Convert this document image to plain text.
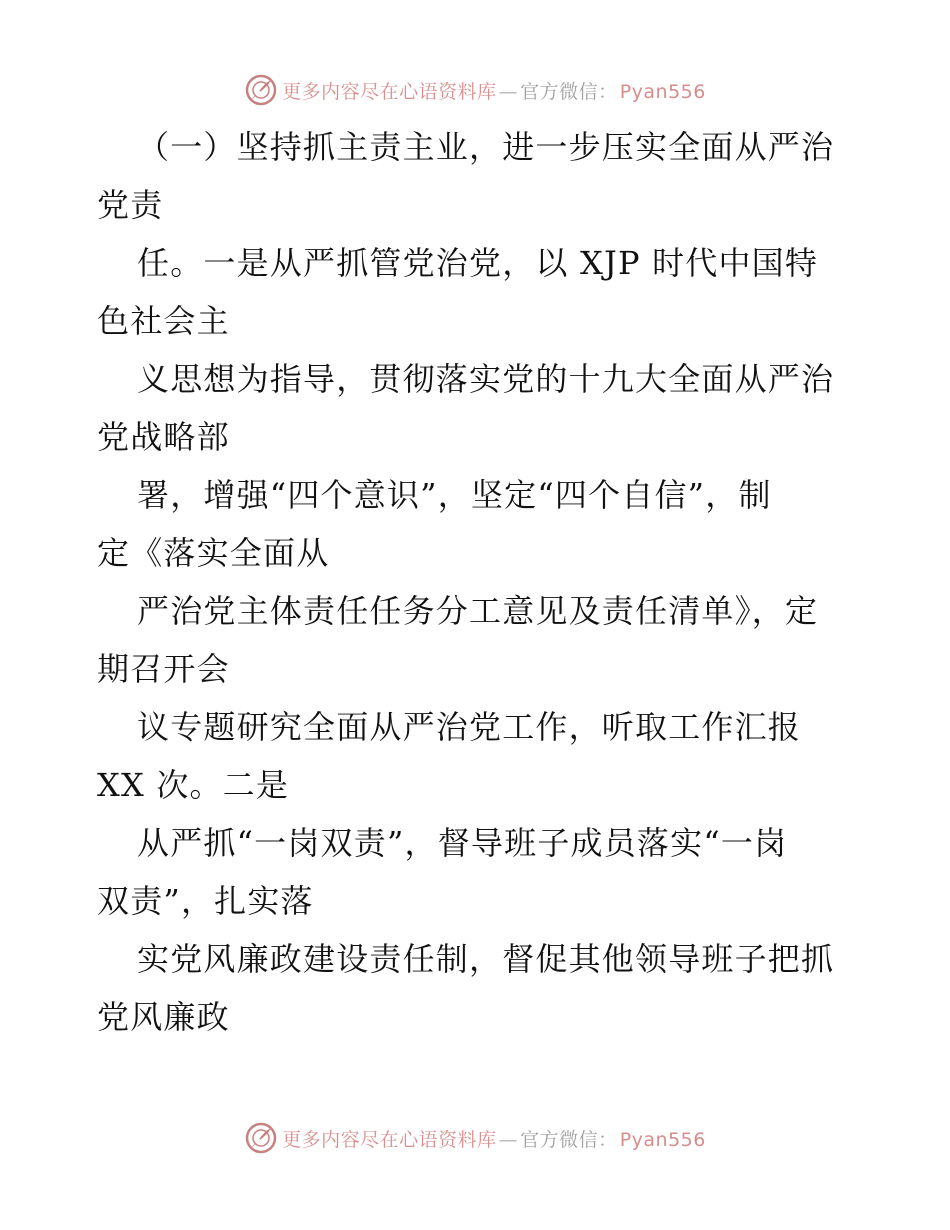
更多内容尽在心语资料库 — 官方微信： Pyan556
（一）坚持抓主责主业，进一步压实全面从严治
党责
任。一是从严抓管党治党，以 XJP 时代中国特
色社会主
义思想为指导，贯彻落实党的十九大全面从严治
党战略部
署，增强“四个意识”，坚定“四个自信”，制
定《落实全面从
严治党主体责任任务分工意见及责任清单》，定
期召开会
议专题研究全面从严治党工作，听取工作汇报
XX 次。二是
从严抓“一岗双责”，督导班子成员落实“一岗
双责”，扎实落
实党风廉政建设责任制，督促其他领导班子把抓
党风廉政
更多内容尽在心语资料库 — 官方微信： Pyan556
